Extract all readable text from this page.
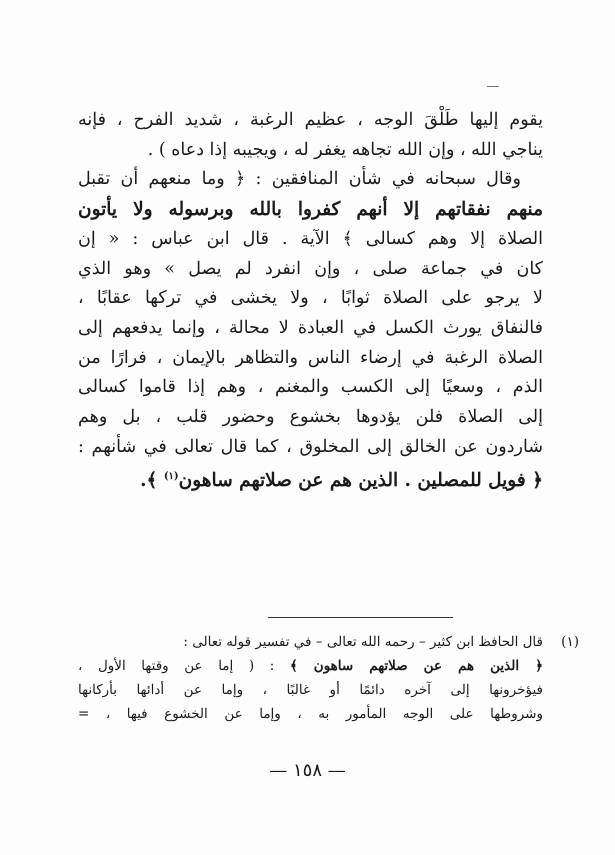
يقوم إليها طَلْقَ الوجه ، عظيم الرغبة ، شديد الفرح ، فإنه
يناجي الله ، وإن الله تجاهه يغفر له ، ويجيبه إذا دعاه ) .
وقال سبحانه في شأن المنافقين : ﴿ وما منعهم أن تقبل
منهم نفقاتهم إلا أنهم كفروا بالله وبرسوله ولا يأتون
الصلاة إلا وهم كسالى ﴾ الآية . قال ابن عباس : « إن
كان في جماعة صلى ، وإن انفرد لم يصل » وهو الذي
لا يرجو على الصلاة ثوابًا ، ولا يخشى في تركها عقابًا ،
فالنفاق يورث الكسل في العبادة لا محالة ، وإنما يدفعهم إلى
الصلاة الرغبة في إرضاء الناس والتظاهر بالإيمان ، فرارًا من
الذم ، وسعيًا إلى الكسب والمغنم ، وهم إذا قاموا كسالى
إلى الصلاة فلن يؤدوها بخشوع وحضور قلب ، بل وهم
شاردون عن الخالق إلى المخلوق ، كما قال تعالى في شأنهم :
﴿ فويل للمصلين . الذين هم عن صلاتهم ساهون$^{(١)}$ ﴾.
(١)
قال الحافظ ابن كثير – رحمه الله تعالى – في تفسير قوله تعالى :
﴿ الذين هم عن صلاتهم ساهون ﴾ : ( إما عن وقتها الأول ،
فيؤخرونها إلى آخره دائمًا أو غالبًا ، وإما عن أدائها بأركانها
وشروطها على الوجه المأمور به ، وإما عن الخشوع فيها ، =
— ١٥٨ —
